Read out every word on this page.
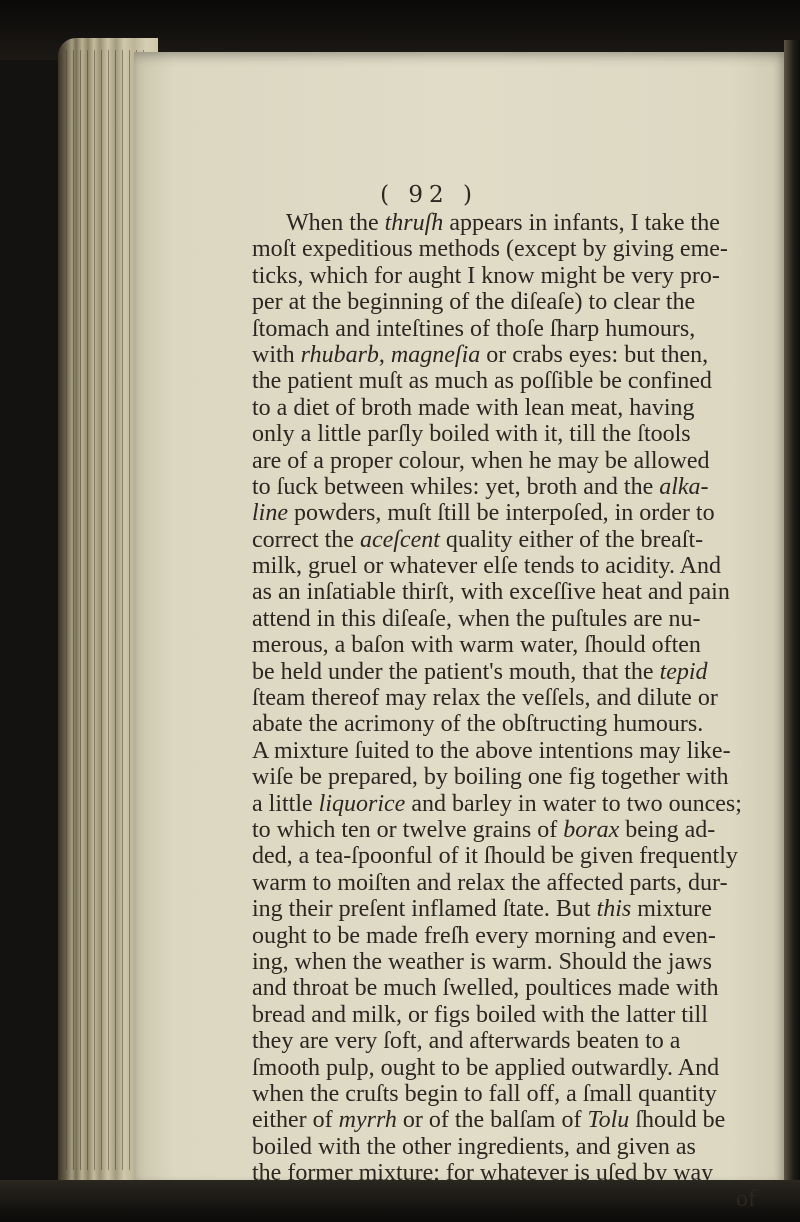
( 92 )
When the thruſh appears in infants, I take the
moſt expeditious methods (except by giving eme-
ticks, which for aught I know might be very pro-
per at the beginning of the diſeaſe) to clear the
ſtomach and inteſtines of thoſe ſharp humours,
with rhubarb, magneſia or crabs eyes: but then,
the patient muſt as much as poſſible be confined
to a diet of broth made with lean meat, having
only a little parſly boiled with it, till the ſtools
are of a proper colour, when he may be allowed
to ſuck between whiles: yet, broth and the alka-
line powders, muſt ſtill be interpoſed, in order to
correct the aceſcent quality either of the breaſt-
milk, gruel or whatever elſe tends to acidity. And
as an inſatiable thirſt, with exceſſive heat and pain
attend in this diſeaſe, when the puſtules are nu-
merous, a baſon with warm water, ſhould often
be held under the patient's mouth, that the tepid
ſteam thereof may relax the veſſels, and dilute or
abate the acrimony of the obſtructing humours.
A mixture ſuited to the above intentions may like-
wiſe be prepared, by boiling one fig together with
a little liquorice and barley in water to two ounces;
to which ten or twelve grains of borax being ad-
ded, a tea-ſpoonful of it ſhould be given frequently
warm to moiſten and relax the affected parts, dur-
ing their preſent inflamed ſtate. But this mixture
ought to be made freſh every morning and even-
ing, when the weather is warm. Should the jaws
and throat be much ſwelled, poultices made with
bread and milk, or figs boiled with the latter till
they are very ſoft, and afterwards beaten to a
ſmooth pulp, ought to be applied outwardly. And
when the cruſts begin to fall off, a ſmall quantity
either of myrrh or of the balſam of Tolu ſhould be
boiled with the other ingredients, and given as
the former mixture; for whatever is uſed by way
of
